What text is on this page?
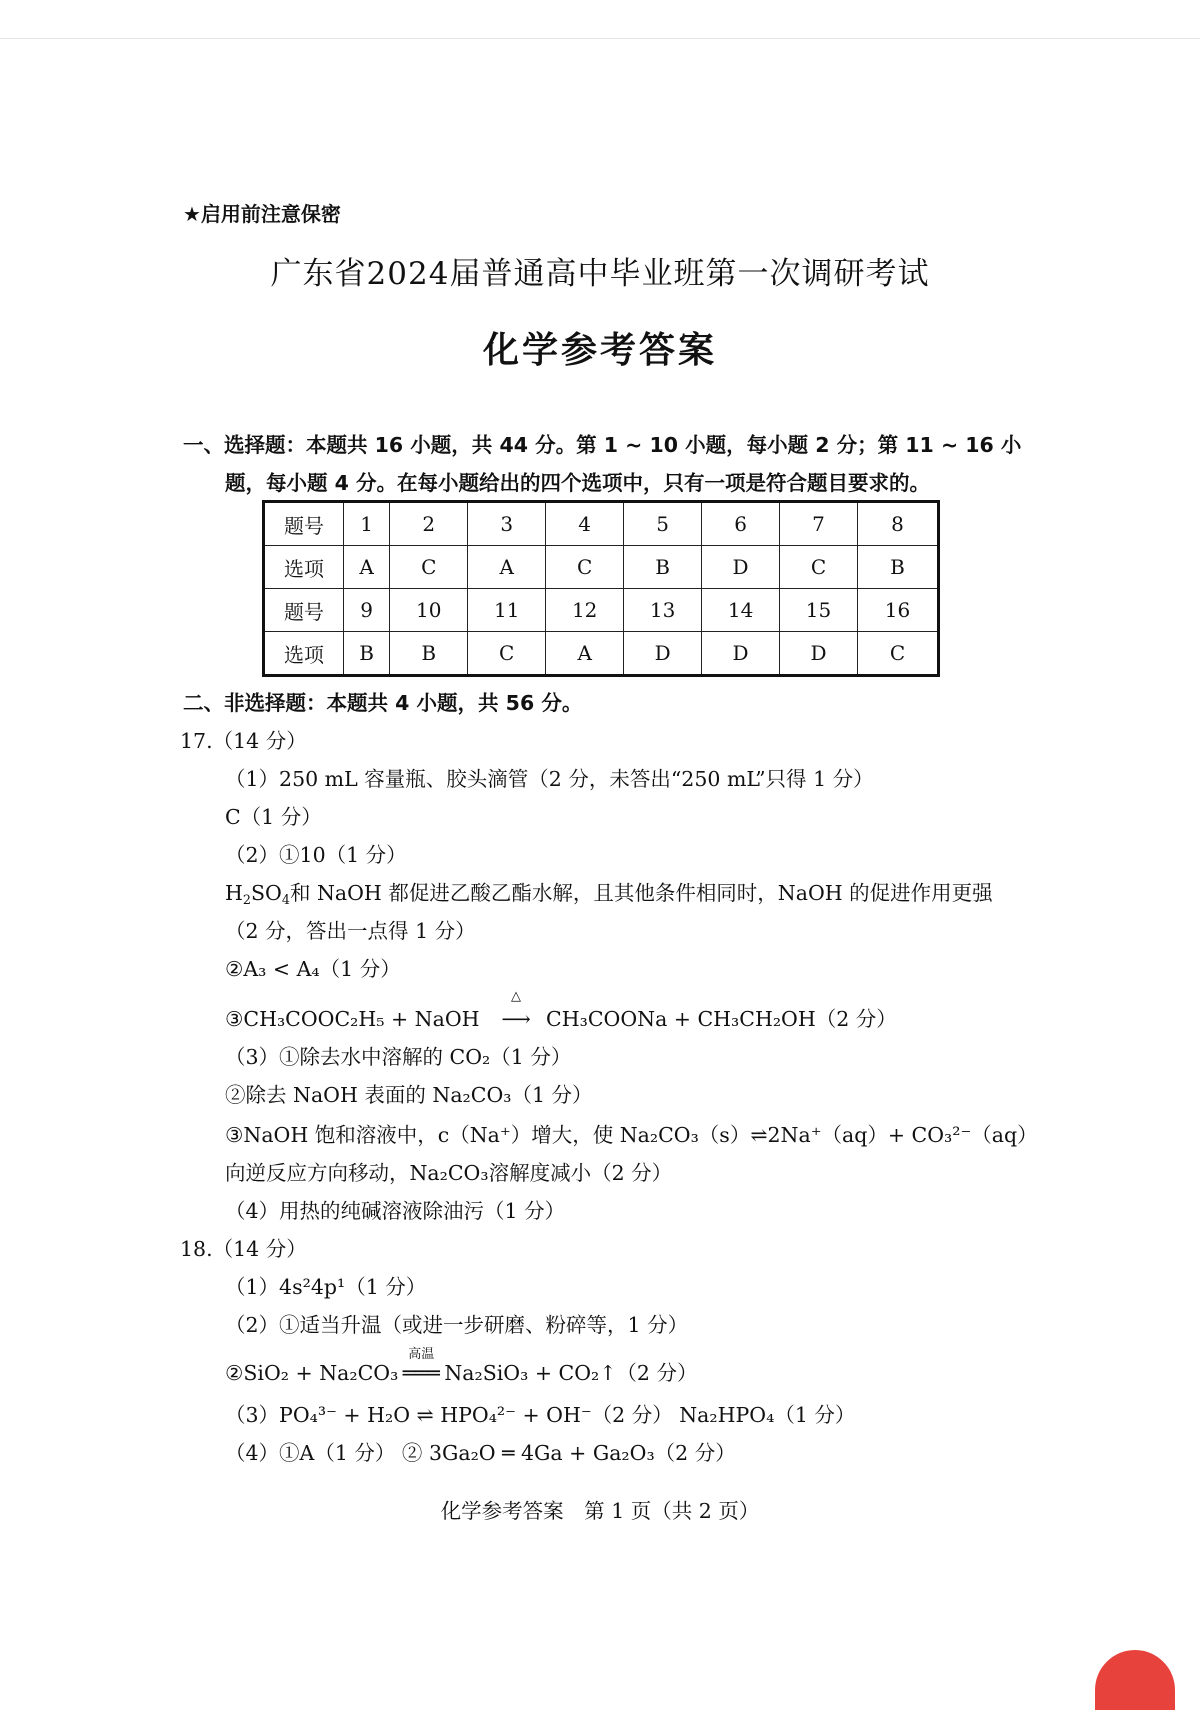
★启用前注意保密
广东省2024届普通高中毕业班第一次调研考试
化学参考答案
一、选择题：本题共 16 小题，共 44 分。第 1 ~ 10 小题，每小题 2 分；第 11 ~ 16 小
题，每小题 4 分。在每小题给出的四个选项中，只有一项是符合题目要求的。
题号	1	2	3	4	5	6	7	8
选项	A	C	A	C	B	D	C	B
题号	9	10	11	12	13	14	15	16
选项	B	B	C	A	D	D	D	C
二、非选择题：本题共 4 小题，共 56 分。
17.（14 分）
（1）250 mL 容量瓶、胶头滴管（2 分，未答出“250 mL”只得 1 分）
C（1 分）
（2）①10（1 分）
$H_2SO_4$和 NaOH 都促进乙酸乙酯水解，且其他条件相同时，NaOH 的促进作用更强
（2 分，答出一点得 1 分）
②A₃ < A₄（1 分）
③CH₃COOC₂H₅ + NaOH
△
⟶ CH₃COONa + CH₃CH₂OH（2 分）
（3）①除去水中溶解的 CO₂（1 分）
②除去 NaOH 表面的 Na₂CO₃（1 分）
③NaOH 饱和溶液中，c（Na⁺）增大，使 Na₂CO₃（s）⇌2Na⁺（aq）+ CO₃²⁻（aq）
向逆反应方向移动，Na₂CO₃溶解度减小（2 分）
（4）用热的纯碱溶液除油污（1 分）
18.（14 分）
（1）4s²4p¹（1 分）
（2）①适当升温（或进一步研磨、粉碎等，1 分）
②SiO₂ + Na₂CO₃
高温
═══ Na₂SiO₃ + CO₂↑（2 分）
（3）PO₄³⁻ + H₂O ⇌ HPO₄²⁻ + OH⁻（2 分） Na₂HPO₄（1 分）
（4）①A（1 分） ② 3Ga₂O ═ 4Ga + Ga₂O₃（2 分）
化学参考答案　第 1 页（共 2 页）
